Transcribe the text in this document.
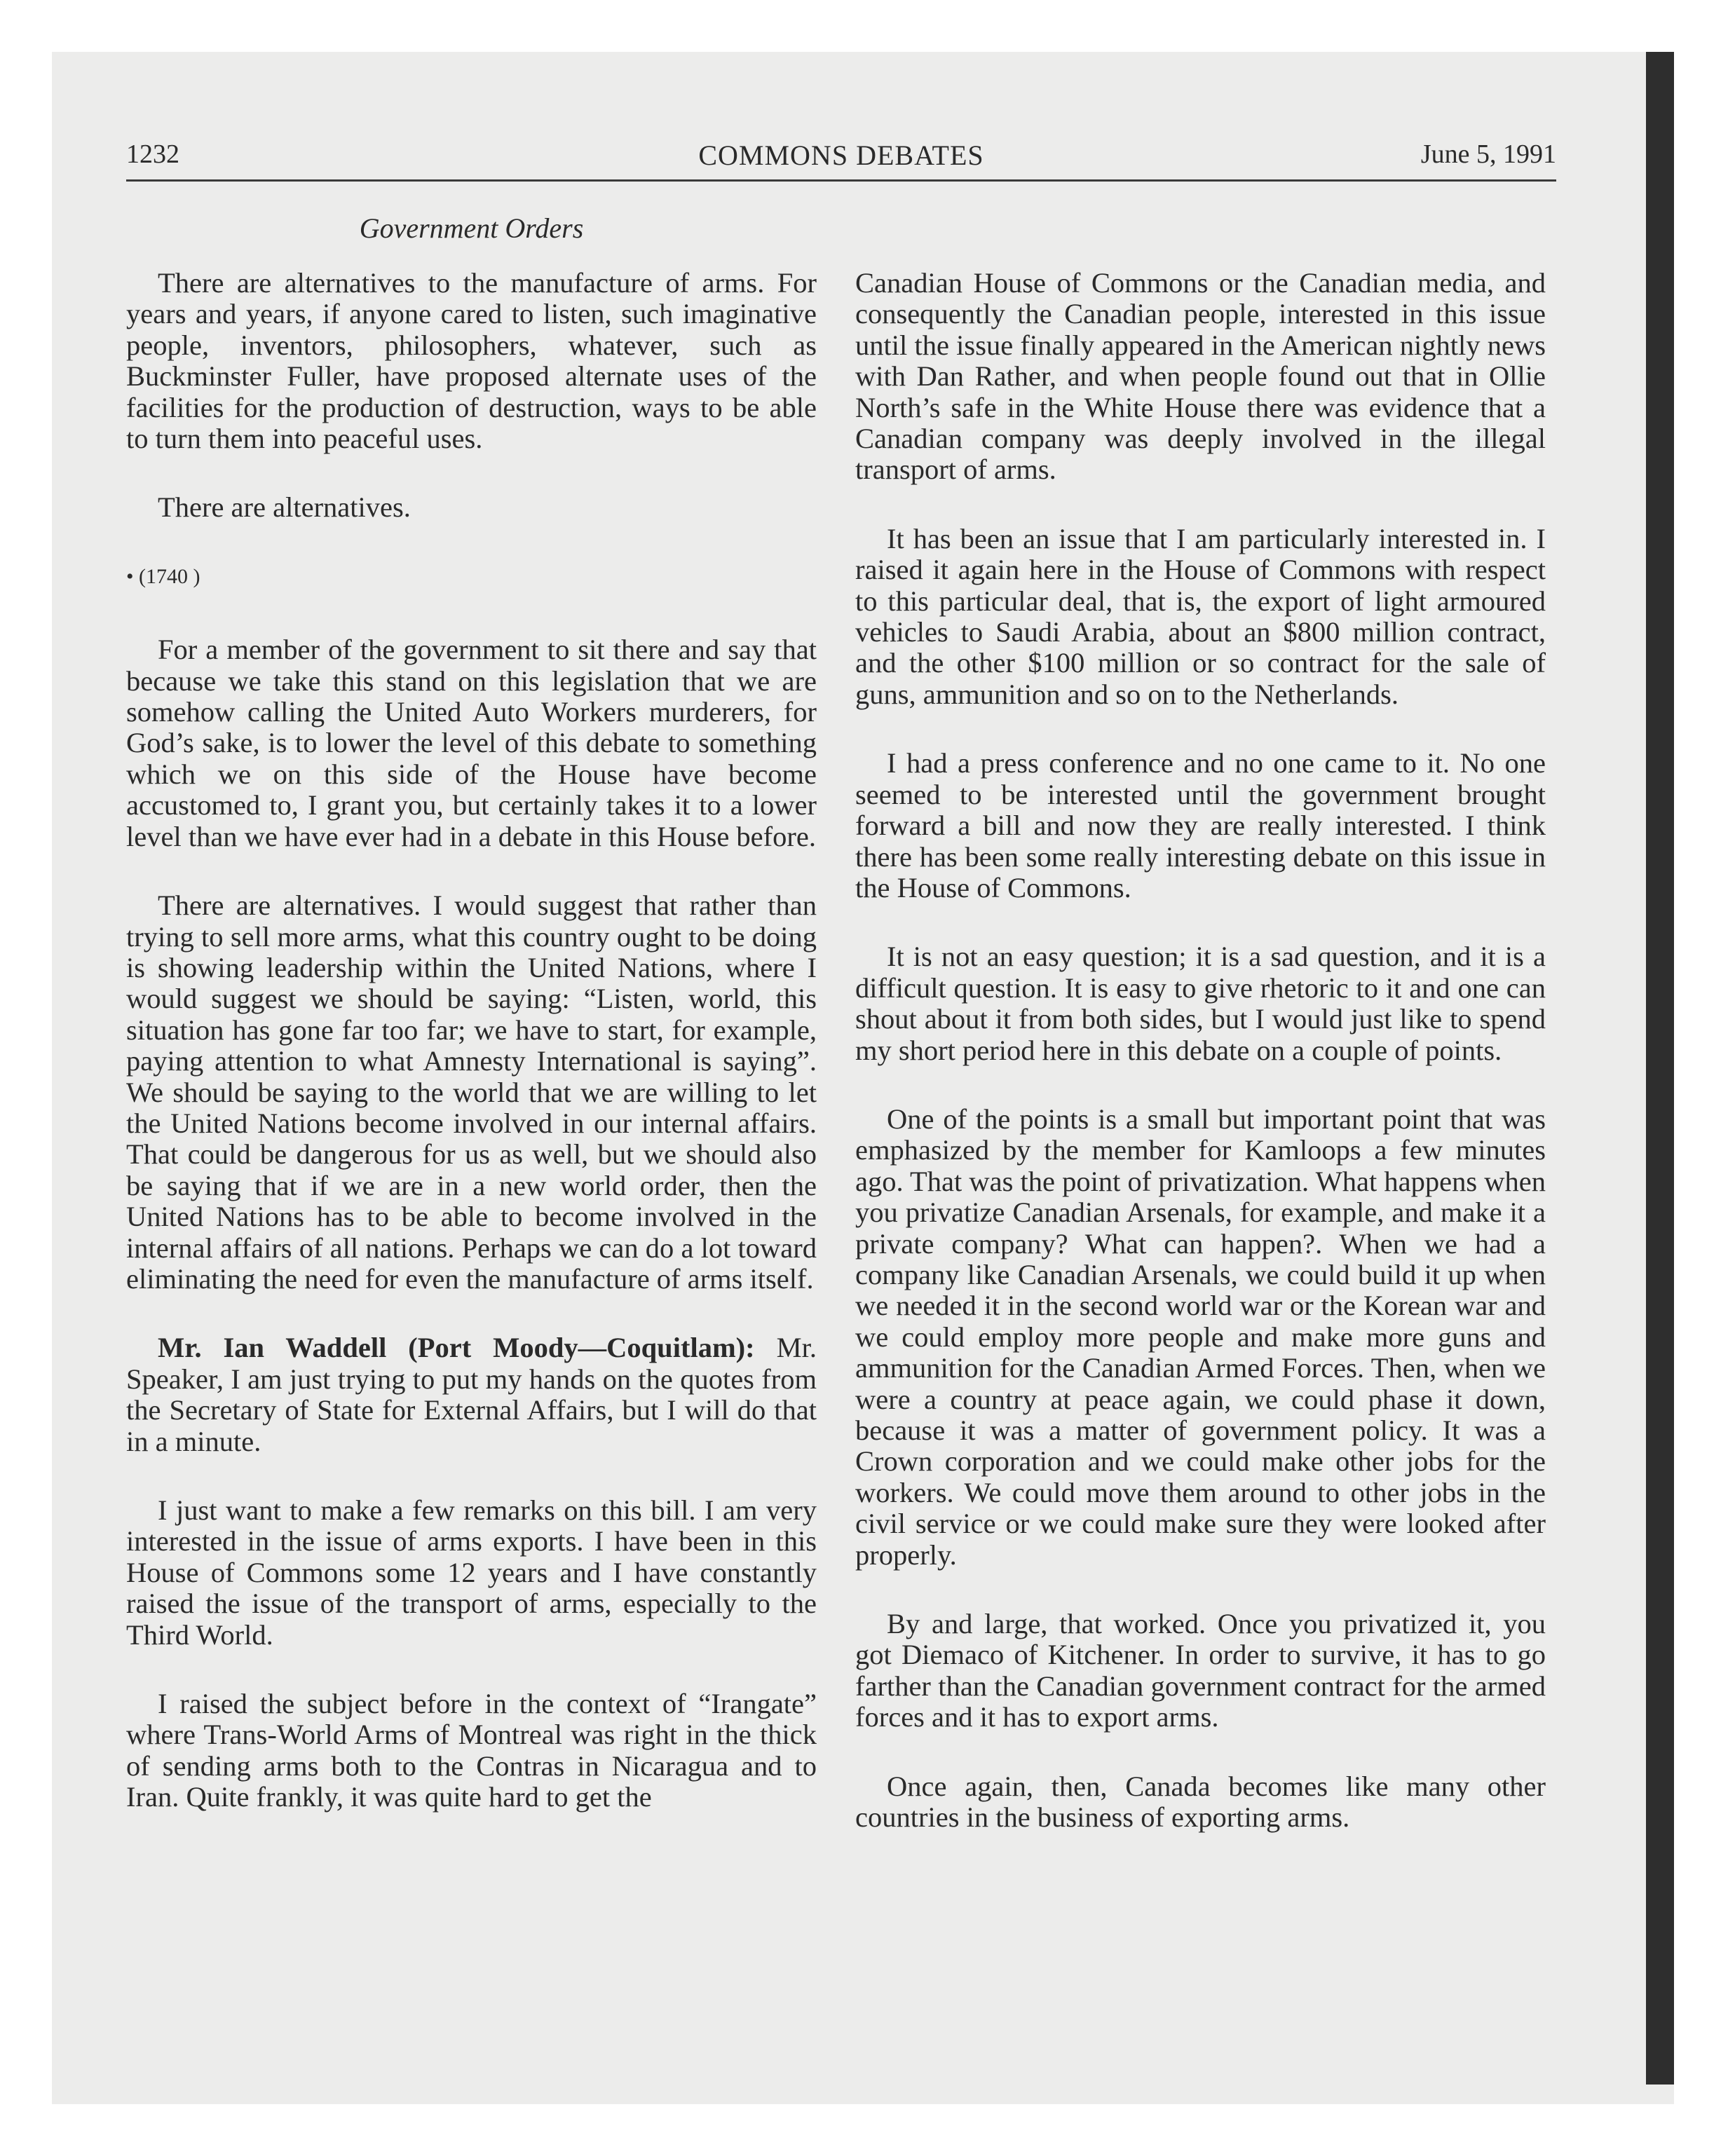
1232	COMMONS DEBATES	June 5, 1991
Government Orders

There are alternatives to the manufacture of arms. For years and years, if anyone cared to listen, such imaginative people, inventors, philosophers, whatever, such as Buckminster Fuller, have proposed alternate uses of the facilities for the production of destruction, ways to be able to turn them into peaceful uses.

There are alternatives.

• (1740 )

For a member of the government to sit there and say that because we take this stand on this legislation that we are somehow calling the United Auto Workers murderers, for God’s sake, is to lower the level of this debate to something which we on this side of the House have become accustomed to, I grant you, but certainly takes it to a lower level than we have ever had in a debate in this House before.

There are alternatives. I would suggest that rather than trying to sell more arms, what this country ought to be doing is showing leadership within the United Nations, where I would suggest we should be saying: “Listen, world, this situation has gone far too far; we have to start, for example, paying attention to what Amnesty International is saying”. We should be saying to the world that we are willing to let the United Nations become involved in our internal affairs. That could be dangerous for us as well, but we should also be saying that if we are in a new world order, then the United Nations has to be able to become involved in the internal affairs of all nations. Perhaps we can do a lot toward eliminating the need for even the manufacture of arms itself.

Mr. Ian Waddell (Port Moody—Coquitlam): Mr. Speaker, I am just trying to put my hands on the quotes from the Secretary of State for External Affairs, but I will do that in a minute.

I just want to make a few remarks on this bill. I am very interested in the issue of arms exports. I have been in this House of Commons some 12 years and I have constantly raised the issue of the transport of arms, especially to the Third World.

I raised the subject before in the context of “Irangate” where Trans-World Arms of Montreal was right in the thick of sending arms both to the Contras in Nicaragua and to Iran. Quite frankly, it was quite hard to get the

Canadian House of Commons or the Canadian media, and consequently the Canadian people, interested in this issue until the issue finally appeared in the American nightly news with Dan Rather, and when people found out that in Ollie North’s safe in the White House there was evidence that a Canadian company was deeply involved in the illegal transport of arms.

It has been an issue that I am particularly interested in. I raised it again here in the House of Commons with respect to this particular deal, that is, the export of light armoured vehicles to Saudi Arabia, about an $800 million contract, and the other $100 million or so contract for the sale of guns, ammunition and so on to the Netherlands.

I had a press conference and no one came to it. No one seemed to be interested until the government brought forward a bill and now they are really interested. I think there has been some really interesting debate on this issue in the House of Commons.

It is not an easy question; it is a sad question, and it is a difficult question. It is easy to give rhetoric to it and one can shout about it from both sides, but I would just like to spend my short period here in this debate on a couple of points.

One of the points is a small but important point that was emphasized by the member for Kamloops a few minutes ago. That was the point of privatization. What happens when you privatize Canadian Arsenals, for example, and make it a private company? What can happen?. When we had a company like Canadian Arsenals, we could build it up when we needed it in the second world war or the Korean war and we could employ more people and make more guns and ammunition for the Canadian Armed Forces. Then, when we were a country at peace again, we could phase it down, because it was a matter of government policy. It was a Crown corporation and we could make other jobs for the workers. We could move them around to other jobs in the civil service or we could make sure they were looked after properly.

By and large, that worked. Once you privatized it, you got Diemaco of Kitchener. In order to survive, it has to go farther than the Canadian government contract for the armed forces and it has to export arms.

Once again, then, Canada becomes like many other countries in the business of exporting arms.
